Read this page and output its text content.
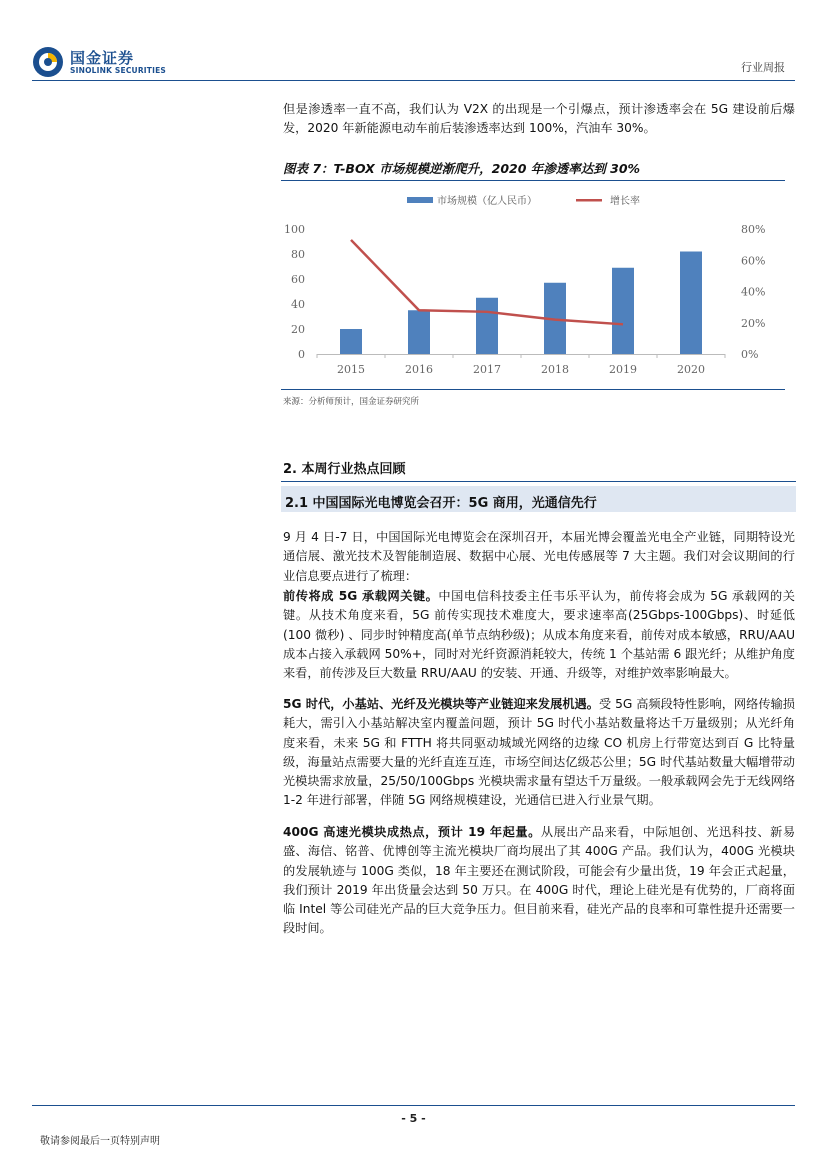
国金证券
SINOLINK SECURITIES	行业周报
但是渗透率一直不高，我们认为 V2X 的出现是一个引爆点，预计渗透率会在 5G 建设前后爆发，2020 年新能源电动车前后装渗透率达到 100%，汽油车 30%。
图表 7：T-BOX 市场规模逆渐爬升，2020 年渗透率达到 30%
市场规模（亿人民币）	增长率
0
20
40
60
80
100
0%
20%
40%
60%
80%
2015	2016	2017	2018	2019	2020
来源：分析师预计，国金证券研究所
2. 本周行业热点回顾
2.1 中国国际光电博览会召开：5G 商用，光通信先行
9 月 4 日-7 日，中国国际光电博览会在深圳召开，本届光博会覆盖光电全产业链，同期特设光通信展、激光技术及智能制造展、数据中心展、光电传感展等 7 大主题。我们对会议期间的行业信息要点进行了梳理：
前传将成 5G 承载网关键。中国电信科技委主任韦乐平认为，前传将会成为 5G 承载网的关键。从技术角度来看，5G 前传实现技术难度大，要求速率高(25Gbps-100Gbps)、时延低(100 微秒) 、同步时钟精度高(单节点纳秒级)；从成本角度来看，前传对成本敏感，RRU/AAU 成本占接入承载网 50%+，同时对光纤资源消耗较大，传统 1 个基站需 6 跟光纤；从维护角度来看，前传涉及巨大数量 RRU/AAU 的安装、开通、升级等，对维护效率影响最大。
5G 时代，小基站、光纤及光模块等产业链迎来发展机遇。受 5G 高频段特性影响，网络传输损耗大，需引入小基站解决室内覆盖问题，预计 5G 时代小基站数量将达千万量级别；从光纤角度来看，未来 5G 和 FTTH 将共同驱动城域光网络的边缘 CO 机房上行带宽达到百 G 比特量级，海量站点需要大量的光纤直连互连，市场空间达亿级芯公里；5G 时代基站数量大幅增带动光模块需求放量，25/50/100Gbps 光模块需求量有望达千万量级。一般承载网会先于无线网络 1-2 年进行部署，伴随 5G 网络规模建设，光通信已进入行业景气期。
400G 高速光模块成热点，预计 19 年起量。从展出产品来看，中际旭创、光迅科技、新易盛、海信、铭普、优博创等主流光模块厂商均展出了其 400G 产品。我们认为，400G 光模块的发展轨迹与 100G 类似，18 年主要还在测试阶段，可能会有少量出货，19 年会正式起量，我们预计 2019 年出货量会达到 50 万只。在 400G 时代，理论上硅光是有优势的，厂商将面临 Intel 等公司硅光产品的巨大竞争压力。但目前来看，硅光产品的良率和可靠性提升还需要一段时间。
- 5 -
敬请参阅最后一页特别声明
